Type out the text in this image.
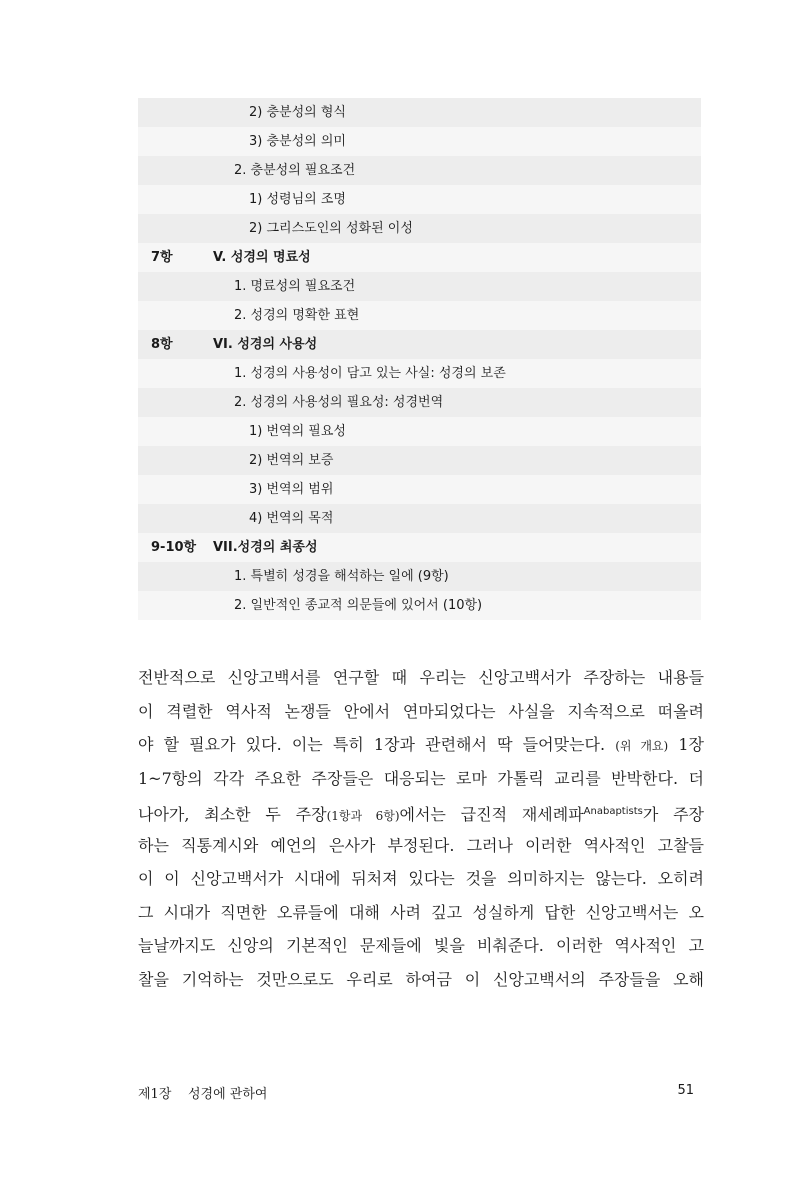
2) 충분성의 형식
3) 충분성의 의미
2. 충분성의 필요조건
1) 성령님의 조명
2) 그리스도인의 성화된 이성
7항	V. 성경의 명료성
1. 명료성의 필요조건
2. 성경의 명확한 표현
8항	VI. 성경의 사용성
1. 성경의 사용성이 담고 있는 사실: 성경의 보존
2. 성경의 사용성의 필요성: 성경번역
1) 번역의 필요성
2) 번역의 보증
3) 번역의 범위
4) 번역의 목적
9-10항 VII.성경의 최종성
1. 특별히 성경을 해석하는 일에 (9항)
2. 일반적인 종교적 의문들에 있어서 (10항)
전반적으로 신앙고백서를 연구할 때 우리는 신앙고백서가 주장하는 내용들
이 격렬한 역사적 논쟁들 안에서 연마되었다는 사실을 지속적으로 떠올려
야 할 필요가 있다. 이는 특히 1장과 관련해서 딱 들어맞는다. (위 개요) 1장
1~7항의 각각 주요한 주장들은 대응되는 로마 가톨릭 교리를 반박한다. 더
나아가, 최소한 두 주장(1항과 6항)에서는 급진적 재세례파$^{Anabaptists}$가 주장
하는 직통계시와 예언의 은사가 부정된다. 그러나 이러한 역사적인 고찰들
이 이 신앙고백서가 시대에 뒤처져 있다는 것을 의미하지는 않는다. 오히려
그 시대가 직면한 오류들에 대해 사려 깊고 성실하게 답한 신앙고백서는 오
늘날까지도 신앙의 기본적인 문제들에 빛을 비춰준다. 이러한 역사적인 고
찰을 기억하는 것만으로도 우리로 하여금 이 신앙고백서의 주장들을 오해
제1장 성경에 관하여	51
